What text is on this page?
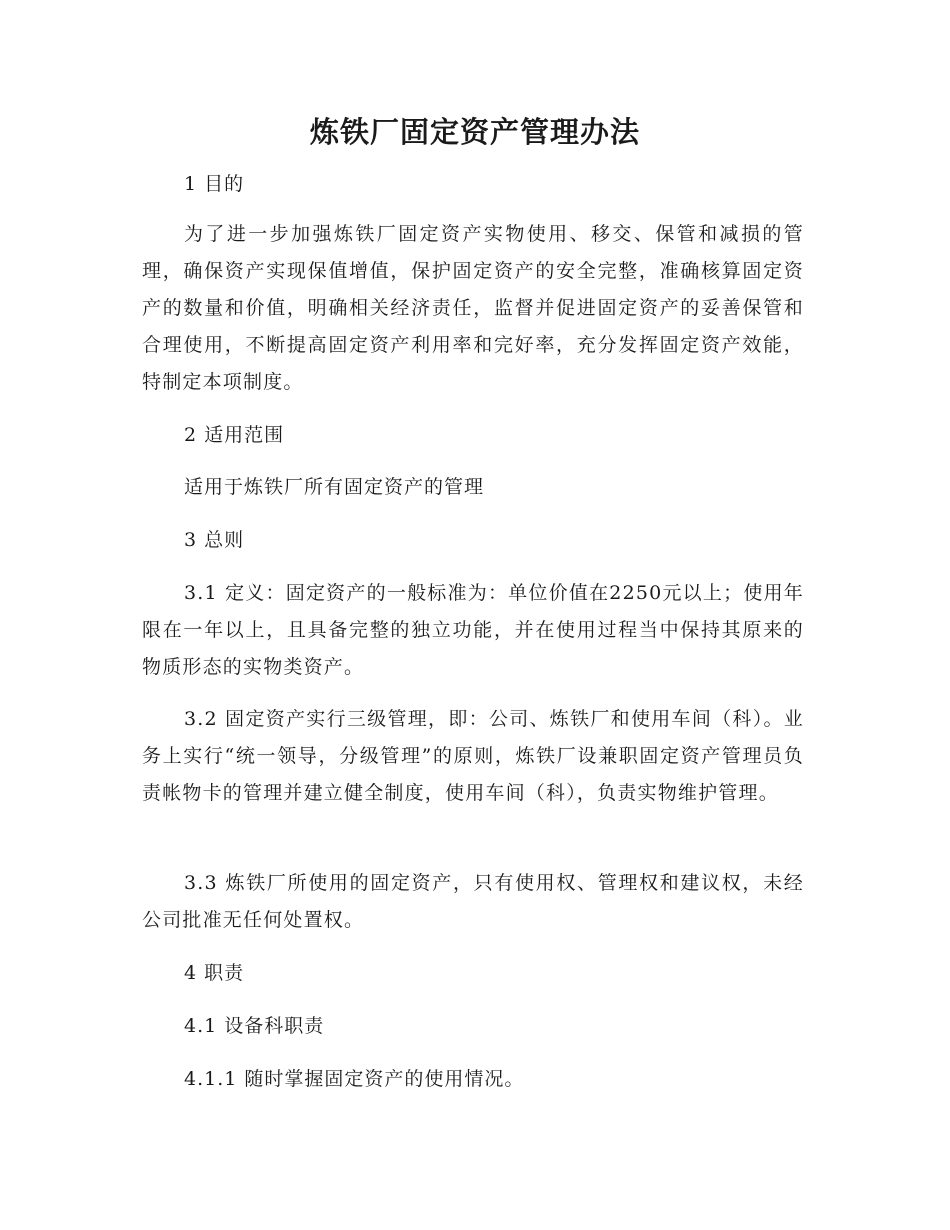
炼铁厂固定资产管理办法

1 目的

为了进一步加强炼铁厂固定资产实物使用、移交、保管和减损的管理，确保资产实现保值增值，保护固定资产的安全完整，准确核算固定资产的数量和价值，明确相关经济责任，监督并促进固定资产的妥善保管和合理使用，不断提高固定资产利用率和完好率，充分发挥固定资产效能，特制定本项制度。

2 适用范围

适用于炼铁厂所有固定资产的管理

3 总则

3.1 定义：固定资产的一般标准为：单位价值在2250元以上；使用年限在一年以上，且具备完整的独立功能，并在使用过程当中保持其原来的物质形态的实物类资产。

3.2 固定资产实行三级管理，即：公司、炼铁厂和使用车间（科）。业务上实行“统一领导，分级管理”的原则，炼铁厂设兼职固定资产管理员负责帐物卡的管理并建立健全制度，使用车间（科），负责实物维护管理。

3.3 炼铁厂所使用的固定资产，只有使用权、管理权和建议权，未经公司批准无任何处置权。

4 职责

4.1 设备科职责

4.1.1 随时掌握固定资产的使用情况。
